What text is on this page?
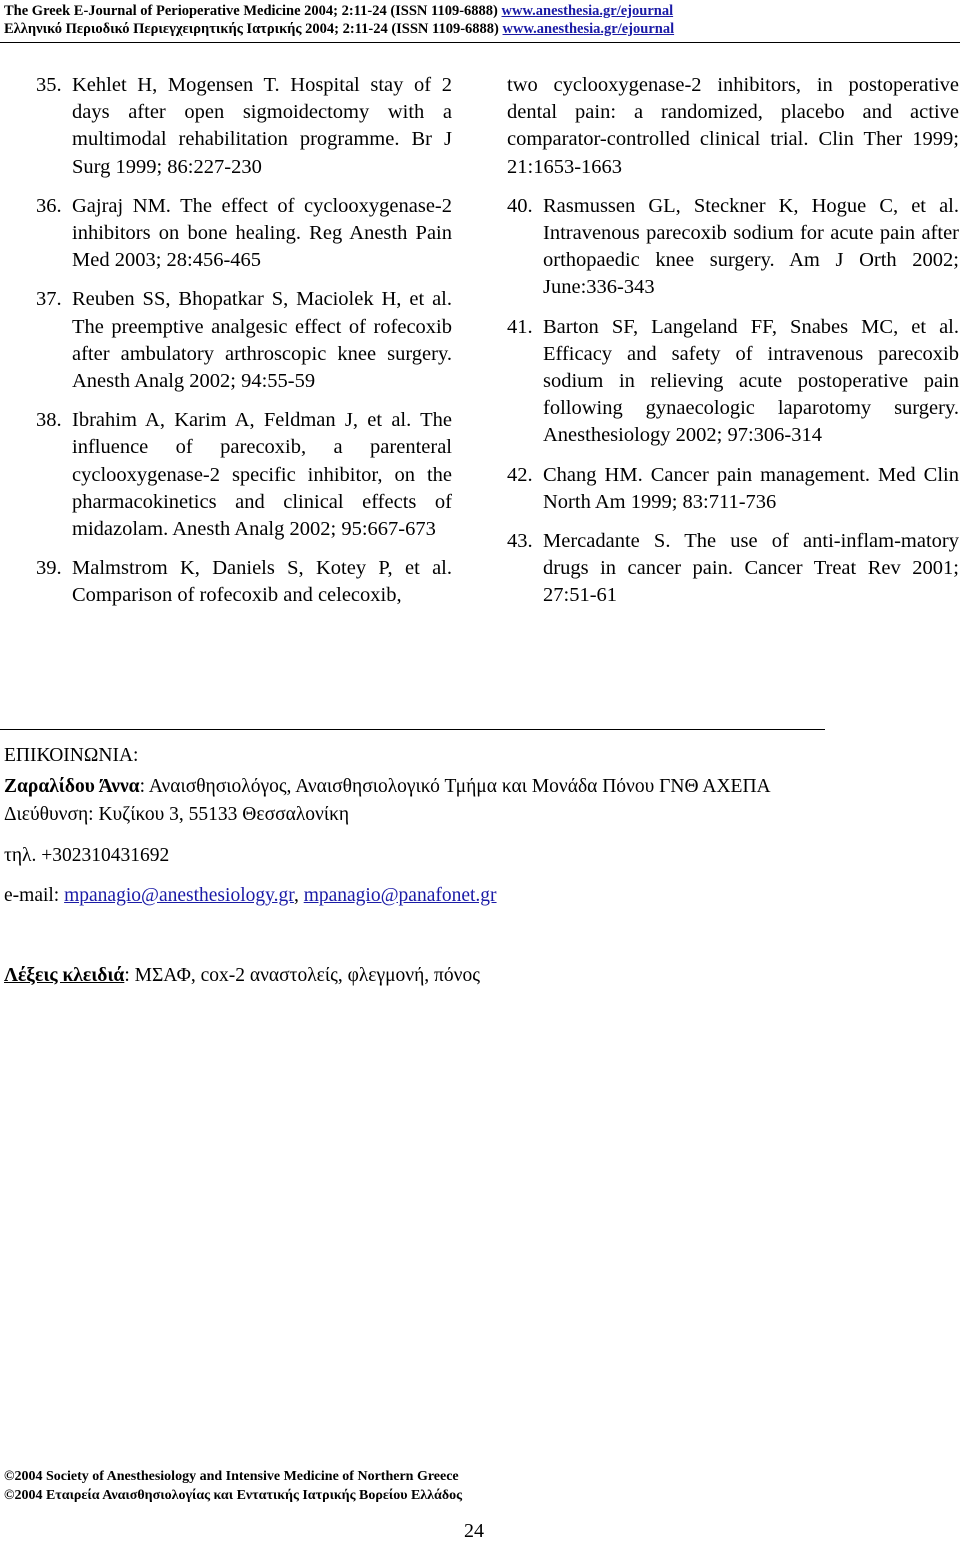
The Greek E-Journal of Perioperative Medicine 2004; 2:11-24 (ISSN 1109-6888) www.anesthesia.gr/ejournal
Ελληνικό Περιοδικό Περιεγχειρητικής Ιατρικής 2004; 2:11-24 (ISSN 1109-6888) www.anesthesia.gr/ejournal
35. Kehlet H, Mogensen T. Hospital stay of 2 days after open sigmoidectomy with a multimodal rehabilitation programme. Br J Surg 1999; 86:227-230
36. Gajraj NM. The effect of cyclooxygenase-2 inhibitors on bone healing. Reg Anesth Pain Med 2003; 28:456-465
37. Reuben SS, Bhopatkar S, Maciolek H, et al. The preemptive analgesic effect of rofecoxib after ambulatory arthroscopic knee surgery. Anesth Analg 2002; 94:55-59
38. Ibrahim A, Karim A, Feldman J, et al. The influence of parecoxib, a parenteral cyclooxygenase-2 specific inhibitor, on the pharmacokinetics and clinical effects of midazolam. Anesth Analg 2002; 95:667-673
39. Malmstrom K, Daniels S, Kotey P, et al. Comparison of rofecoxib and celecoxib,
two cyclooxygenase-2 inhibitors, in postoperative dental pain: a randomized, placebo and active comparator-controlled clinical trial. Clin Ther 1999; 21:1653-1663
40. Rasmussen GL, Steckner K, Hogue C, et al. Intravenous parecoxib sodium for acute pain after orthopaedic knee surgery. Am J Orth 2002; June:336-343
41. Barton SF, Langeland FF, Snabes MC, et al. Efficacy and safety of intravenous parecoxib sodium in relieving acute postoperative pain following gynaecologic laparotomy surgery. Anesthesiology 2002; 97:306-314
42. Chang HM. Cancer pain management. Med Clin North Am 1999; 83:711-736
43. Mercadante S. The use of anti-inflam-matory drugs in cancer pain. Cancer Treat Rev 2001; 27:51-61
ΕΠΙΚΟΙΝΩΝΙΑ:
Ζαραλίδου Άννα: Αναισθησιολόγος, Αναισθησιολογικό Τμήμα και Μονάδα Πόνου ΓΝΘ ΑΧΕΠΑ
Διεύθυνση: Κυζίκου 3, 55133 Θεσσαλονίκη
τηλ. +302310431692
e-mail: mpanagio@anesthesiology.gr, mpanagio@panafonet.gr
Λέξεις κλειδιά: ΜΣΑΦ, cox-2 αναστολείς, φλεγμονή, πόνος
©2004 Society of Anesthesiology and Intensive Medicine of Northern Greece
©2004 Εταιρεία Αναισθησιολογίας και Εντατικής Ιατρικής Βορείου Ελλάδος
24
